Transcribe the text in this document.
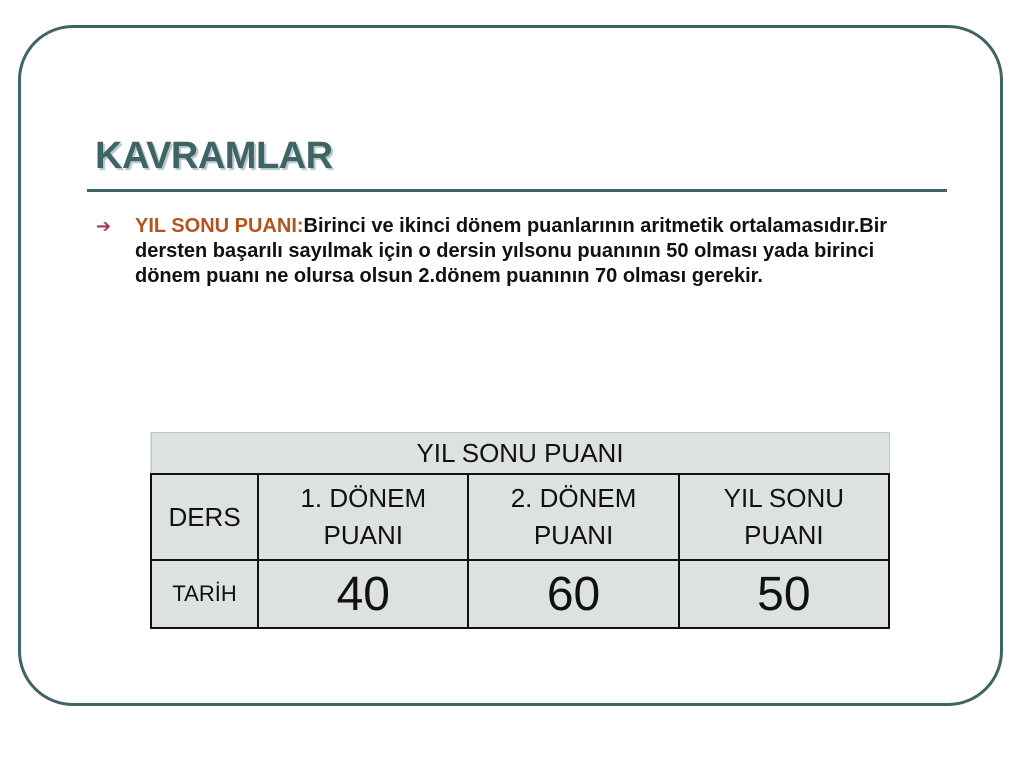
KAVRAMLAR
➔ YIL SONU PUANI:Birinci ve ikinci dönem puanlarının aritmetik ortalamasıdır.Bir dersten başarılı sayılmak için o dersin yılsonu puanının 50 olması yada birinci dönem puanı ne olursa olsun 2.dönem puanının 70 olması gerekir.
YIL SONU PUANI			
DERS	1. DÖNEM PUANI	2. DÖNEM PUANI	YIL SONU PUANI
TARİH	40	60	50
